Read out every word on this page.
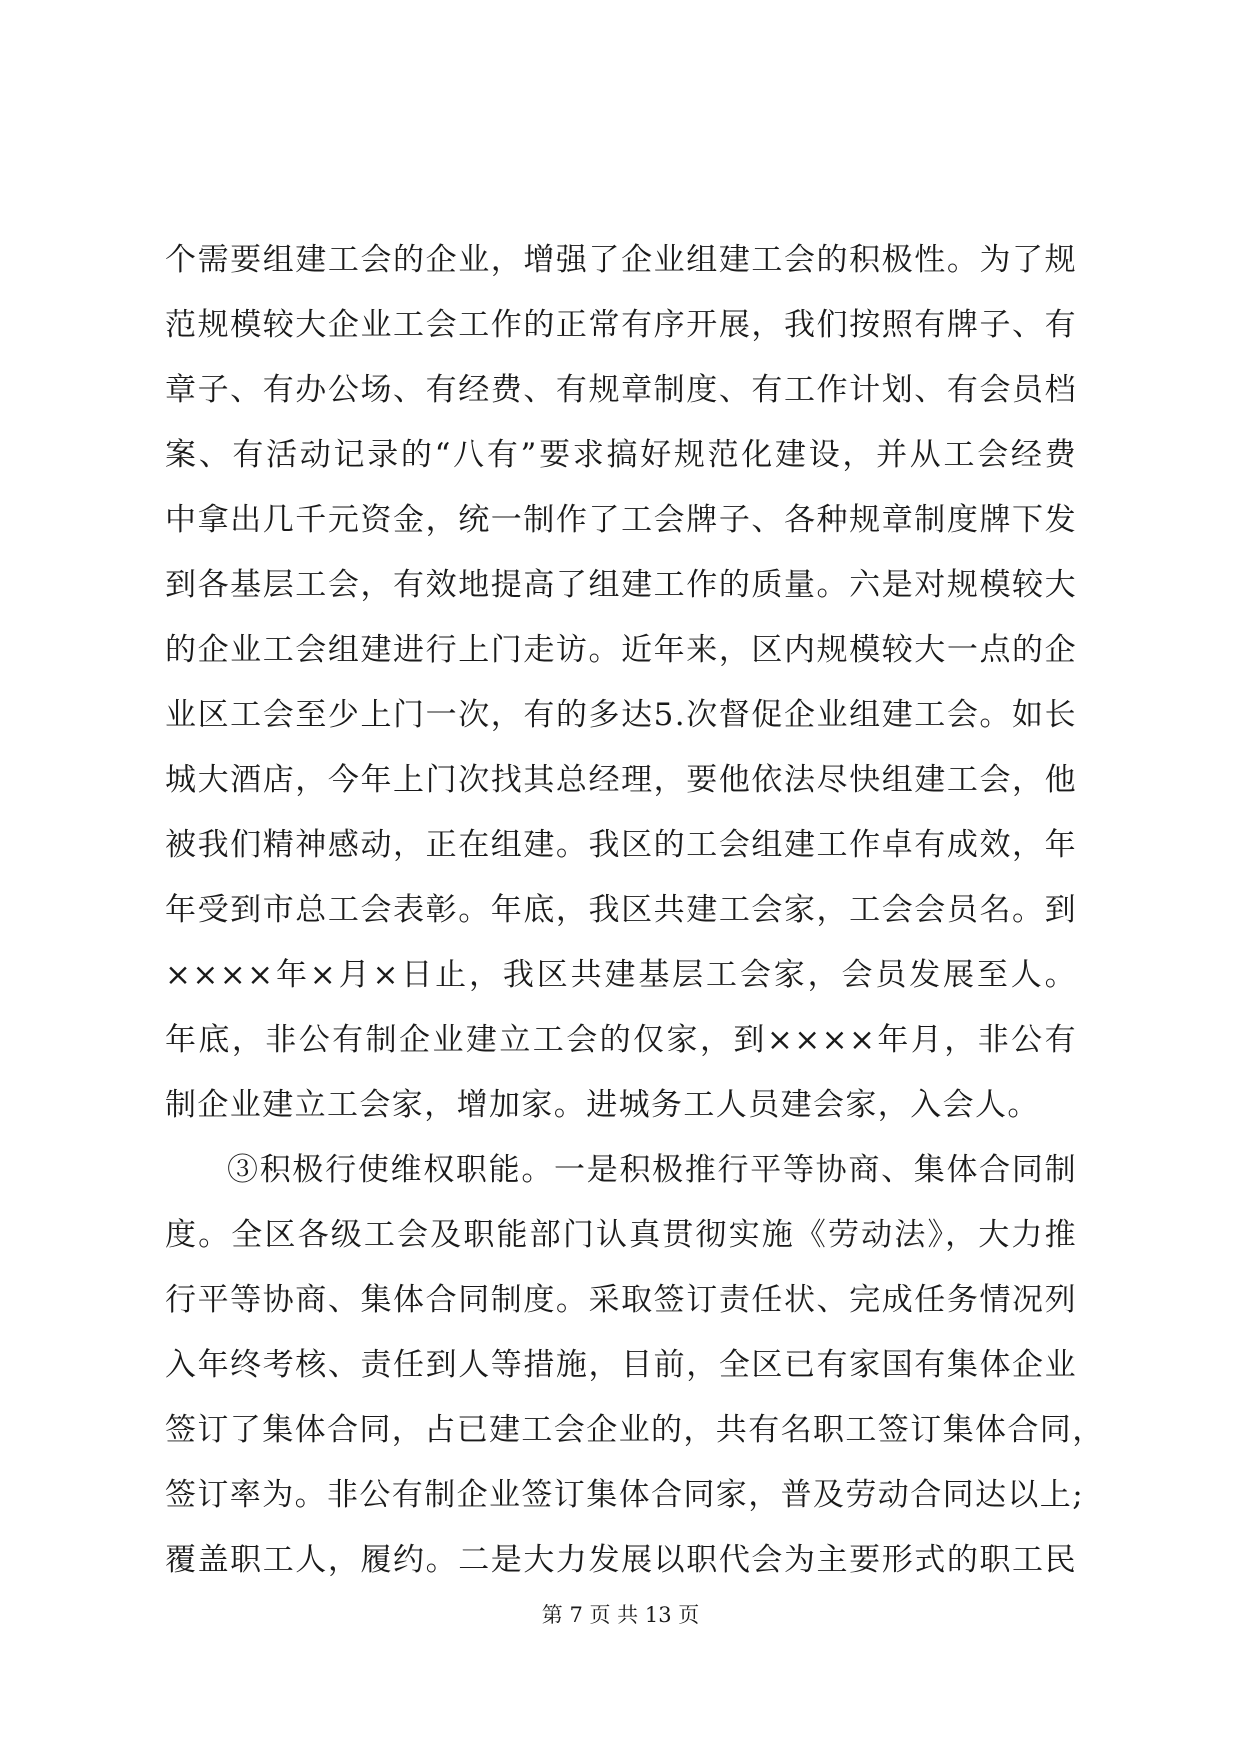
个需要组建工会的企业，增强了企业组建工会的积极性。为了规
范规模较大企业工会工作的正常有序开展，我们按照有牌子、有
章子、有办公场、有经费、有规章制度、有工作计划、有会员档
案、有活动记录的“八有”要求搞好规范化建设，并从工会经费
中拿出几千元资金，统一制作了工会牌子、各种规章制度牌下发
到各基层工会，有效地提高了组建工作的质量。六是对规模较大
的企业工会组建进行上门走访。近年来，区内规模较大一点的企
业区工会至少上门一次，有的多达5.次督促企业组建工会。如长
城大酒店，今年上门次找其总经理，要他依法尽快组建工会，他
被我们精神感动，正在组建。我区的工会组建工作卓有成效，年
年受到市总工会表彰。年底，我区共建工会家，工会会员名。到
××××年×月×日止，我区共建基层工会家，会员发展至人。
年底，非公有制企业建立工会的仅家，到××××年月，非公有
制企业建立工会家，增加家。进城务工人员建会家，入会人。
③积极行使维权职能。一是积极推行平等协商、集体合同制
度。全区各级工会及职能部门认真贯彻实施《劳动法》，大力推
行平等协商、集体合同制度。采取签订责任状、完成任务情况列
入年终考核、责任到人等措施，目前，全区已有家国有集体企业
签订了集体合同，占已建工会企业的，共有名职工签订集体合同，
签订率为。非公有制企业签订集体合同家，普及劳动合同达以上;
覆盖职工人，履约。二是大力发展以职代会为主要形式的职工民
第 7 页 共 13 页
